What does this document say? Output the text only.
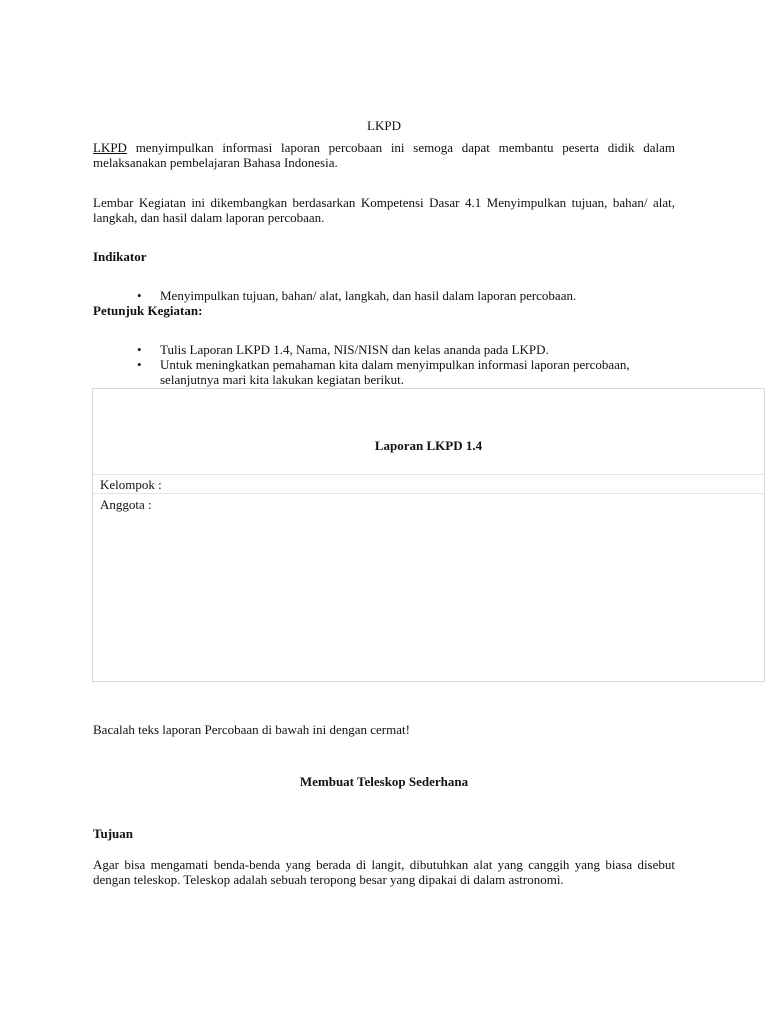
LKPD
LKPD menyimpulkan informasi laporan percobaan ini semoga dapat membantu peserta didik dalam melaksanakan pembelajaran Bahasa Indonesia.
Lembar Kegiatan ini dikembangkan berdasarkan Kompetensi Dasar 4.1 Menyimpulkan tujuan, bahan/ alat, langkah, dan hasil dalam laporan percobaan.
Indikator
• Menyimpulkan tujuan, bahan/ alat, langkah, dan hasil dalam laporan percobaan.
Petunjuk Kegiatan:
• Tulis Laporan LKPD 1.4, Nama, NIS/NISN dan kelas ananda pada LKPD.
• Untuk meningkatkan pemahaman kita dalam menyimpulkan informasi laporan percobaan, selanjutnya mari kita lakukan kegiatan berikut.
Laporan LKPD 1.4
Kelompok :
Anggota :
Bacalah teks laporan Percobaan di bawah ini dengan cermat!
Membuat Teleskop Sederhana
Tujuan
Agar bisa mengamati benda-benda yang berada di langit, dibutuhkan alat yang canggih yang biasa disebut dengan teleskop. Teleskop adalah sebuah teropong besar yang dipakai di dalam astronomi.
